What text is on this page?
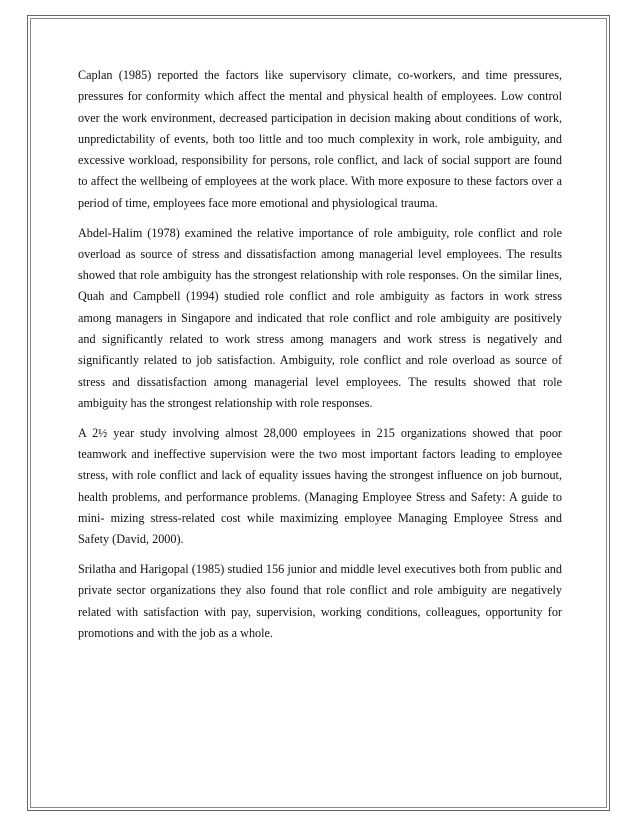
Caplan (1985) reported the factors like supervisory climate, co-workers, and time pressures, pressures for conformity which affect the mental and physical health of employees. Low control over the work environment, decreased participation in decision making about conditions of work, unpredictability of events, both too little and too much complexity in work, role ambiguity, and excessive workload, responsibility for persons, role conflict, and lack of social support are found to affect the wellbeing of employees at the work place. With more exposure to these factors over a period of time, employees face more emotional and physiological trauma.

Abdel-Halim (1978) examined the relative importance of role ambiguity, role conflict and role overload as source of stress and dissatisfaction among managerial level employees. The results showed that role ambiguity has the strongest relationship with role responses. On the similar lines, Quah and Campbell (1994) studied role conflict and role ambiguity as factors in work stress among managers in Singapore and indicated that role conflict and role ambiguity are positively and significantly related to work stress among managers and work stress is negatively and significantly related to job satisfaction. Ambiguity, role conflict and role overload as source of stress and dissatisfaction among managerial level employees. The results showed that role ambiguity has the strongest relationship with role responses.

A 2½ year study involving almost 28,000 employees in 215 organizations showed that poor teamwork and ineffective supervision were the two most important factors leading to employee stress, with role conflict and lack of equality issues having the strongest influence on job burnout, health problems, and performance problems. (Managing Employee Stress and Safety: A guide to mini- mizing stress-related cost while maximizing employee Managing Employee Stress and Safety (David, 2000).

Srilatha and Harigopal (1985) studied 156 junior and middle level executives both from public and private sector organizations they also found that role conflict and role ambiguity are negatively related with satisfaction with pay, supervision, working conditions, colleagues, opportunity for promotions and with the job as a whole.
